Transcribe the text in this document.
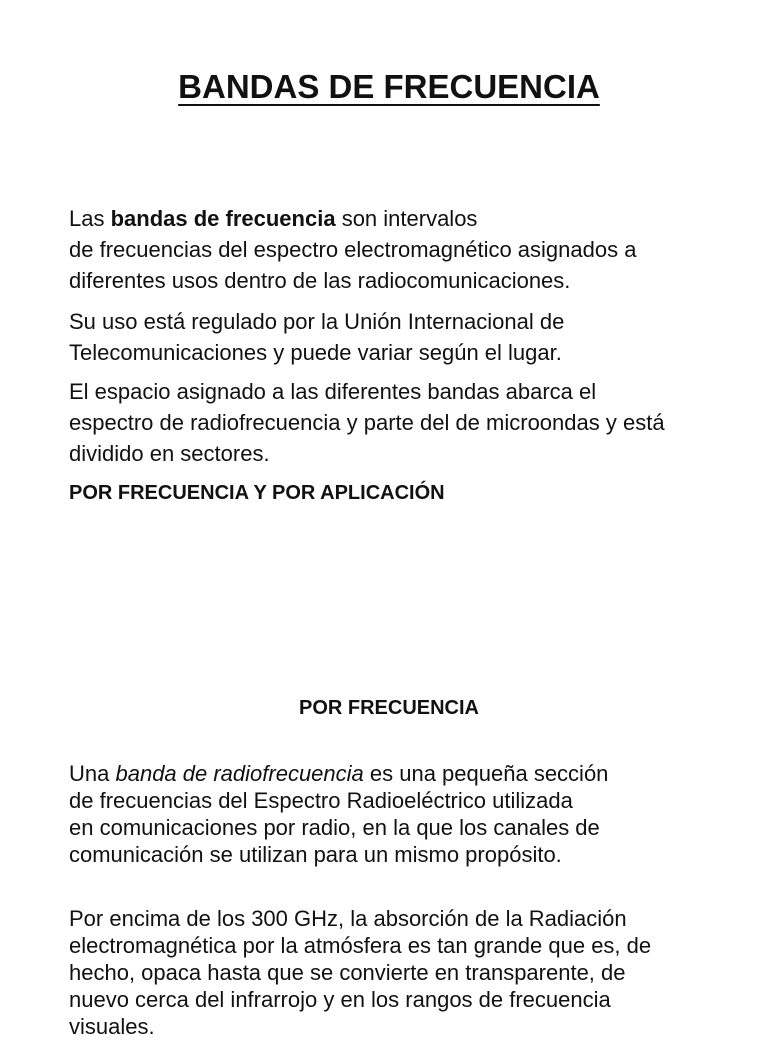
BANDAS DE FRECUENCIA

Las bandas de frecuencia son intervalos
de frecuencias del espectro electromagnético asignados a
diferentes usos dentro de las radiocomunicaciones.

Su uso está regulado por la Unión Internacional de
Telecomunicaciones y puede variar según el lugar.

El espacio asignado a las diferentes bandas abarca el
espectro de radiofrecuencia y parte del de microondas y está
dividido en sectores.

POR FRECUENCIA Y POR APLICACIÓN
POR FRECUENCIA

Una banda de radiofrecuencia es una pequeña sección
de frecuencias del Espectro Radioeléctrico utilizada
en comunicaciones por radio, en la que los canales de
comunicación se utilizan para un mismo propósito.

Por encima de los 300 GHz, la absorción de la Radiación
electromagnética por la atmósfera es tan grande que es, de
hecho, opaca hasta que se convierte en transparente, de
nuevo cerca del infrarrojo y en los rangos de frecuencia
visuales.
